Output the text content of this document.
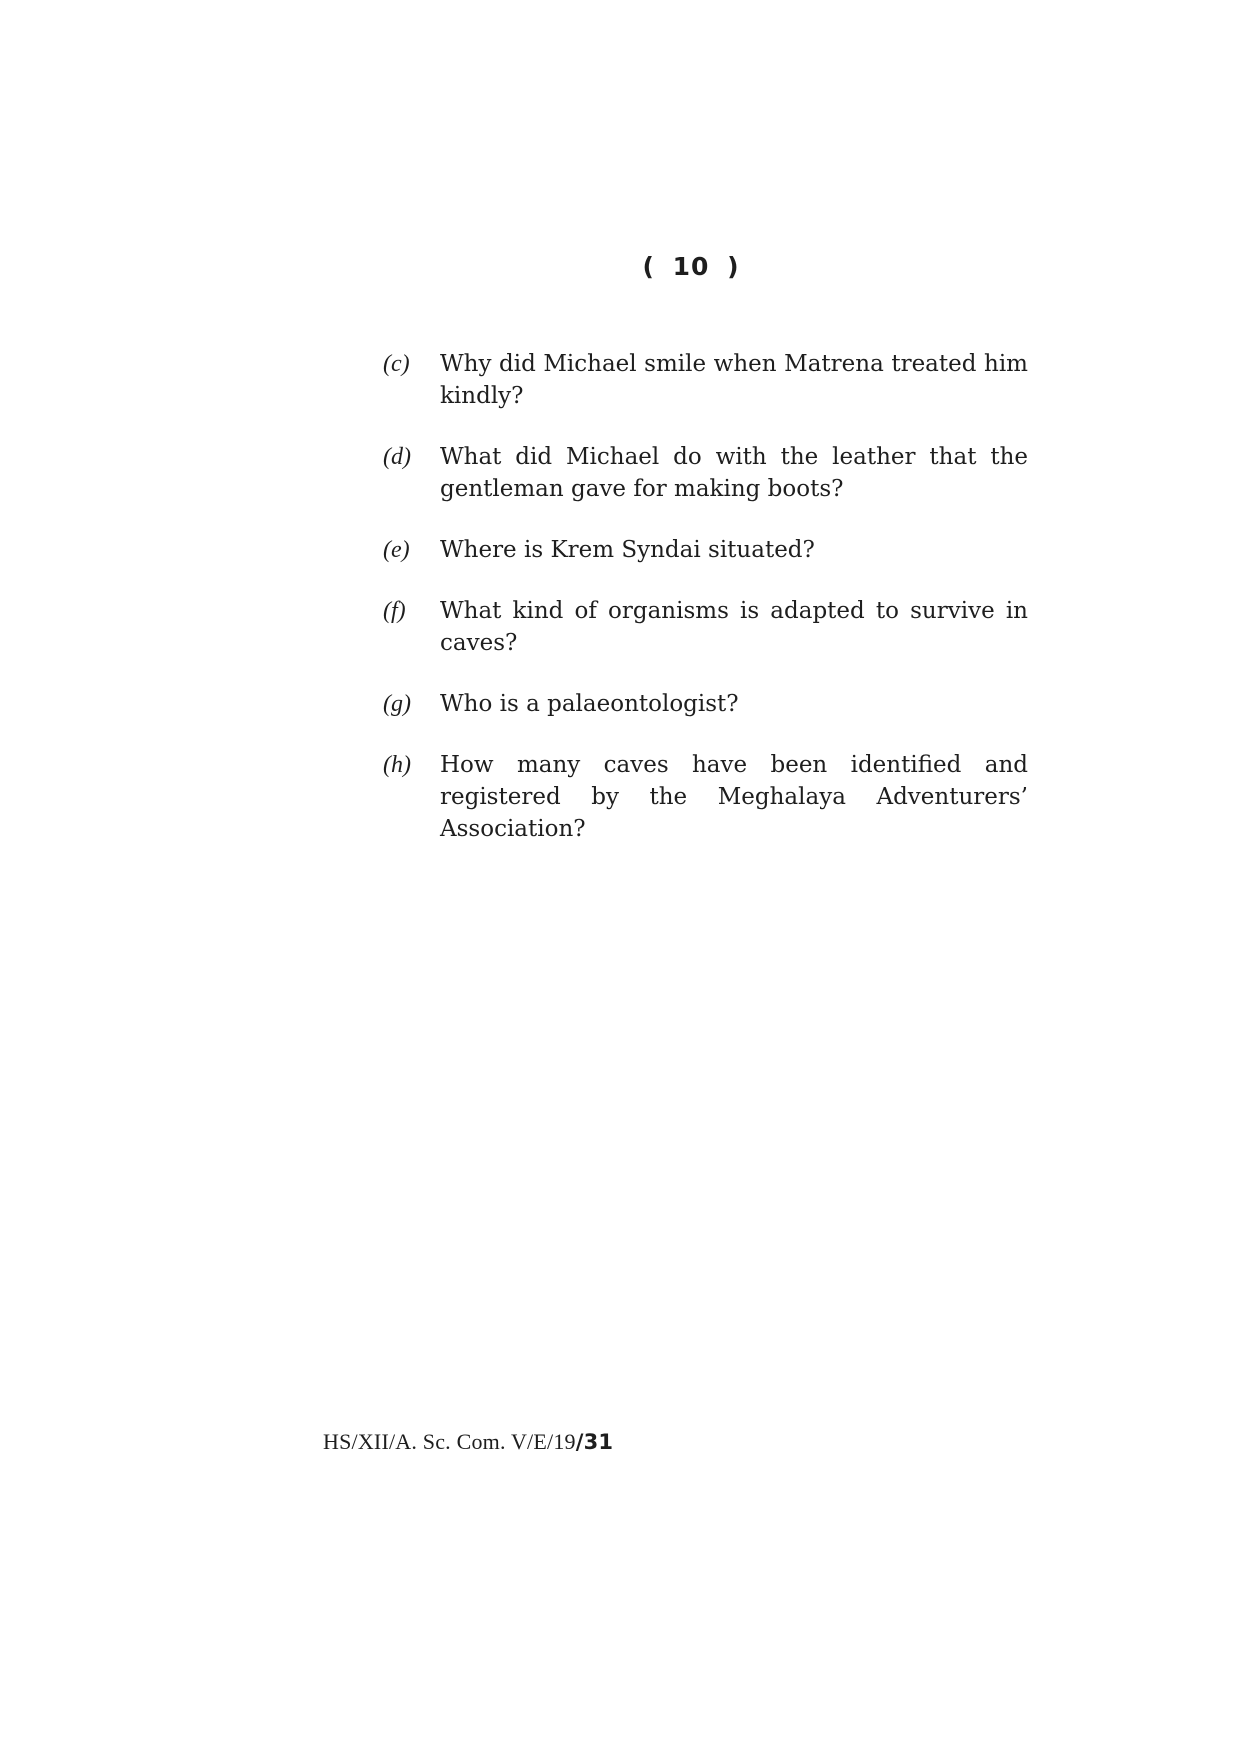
( 10 )
(c)	Why did Michael smile when Matrena treated him kindly?
(d)	What did Michael do with the leather that the gentleman gave for making boots?
(e)	Where is Krem Syndai situated?
(f)	What kind of organisms is adapted to survive in caves?
(g)	Who is a palaeontologist?
(h)	How many caves have been identified and registered by the Meghalaya Adventurers’ Association?
HS/XII/A. Sc. Com. V/E/19/31
